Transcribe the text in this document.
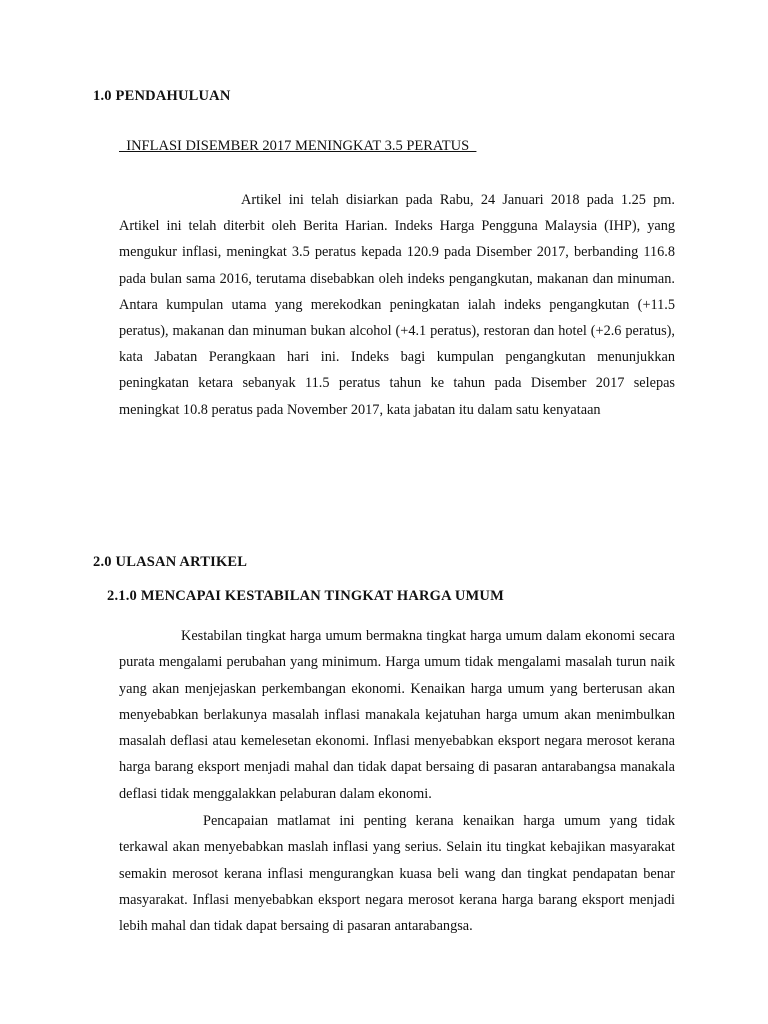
1.0 PENDAHULUAN
INFLASI DISEMBER 2017 MENINGKAT 3.5 PERATUS

Artikel ini telah disiarkan pada Rabu, 24 Januari 2018 pada 1.25 pm. Artikel ini telah diterbit oleh Berita Harian. Indeks Harga Pengguna Malaysia (IHP), yang mengukur inflasi, meningkat 3.5 peratus kepada 120.9 pada Disember 2017, berbanding 116.8 pada bulan sama 2016, terutama disebabkan oleh indeks pengangkutan, makanan dan minuman. Antara kumpulan utama yang merekodkan peningkatan ialah indeks pengangkutan (+11.5 peratus), makanan dan minuman bukan alcohol (+4.1 peratus), restoran dan hotel (+2.6 peratus), kata Jabatan Perangkaan hari ini. Indeks bagi kumpulan pengangkutan menunjukkan peningkatan ketara sebanyak 11.5 peratus tahun ke tahun pada Disember 2017 selepas meningkat 10.8 peratus pada November 2017, kata jabatan itu dalam satu kenyataan

2.0 ULASAN ARTIKEL
2.1.0 MENCAPAI KESTABILAN TINGKAT HARGA UMUM

Kestabilan tingkat harga umum bermakna tingkat harga umum dalam ekonomi secara purata mengalami perubahan yang minimum. Harga umum tidak mengalami masalah turun naik yang akan menjejaskan perkembangan ekonomi. Kenaikan harga umum yang berterusan akan menyebabkan berlakunya masalah inflasi manakala kejatuhan harga umum akan menimbulkan masalah deflasi atau kemelesetan ekonomi. Inflasi menyebabkan eksport negara merosot kerana harga barang eksport menjadi mahal dan tidak dapat bersaing di pasaran antarabangsa manakala deflasi tidak menggalakkan pelaburan dalam ekonomi.

Pencapaian matlamat ini penting kerana kenaikan harga umum yang tidak terkawal akan menyebabkan maslah inflasi yang serius. Selain itu tingkat kebajikan masyarakat semakin merosot kerana inflasi mengurangkan kuasa beli wang dan tingkat pendapatan benar masyarakat. Inflasi menyebabkan eksport negara merosot kerana harga barang eksport menjadi lebih mahal dan tidak dapat bersaing di pasaran antarabangsa.
